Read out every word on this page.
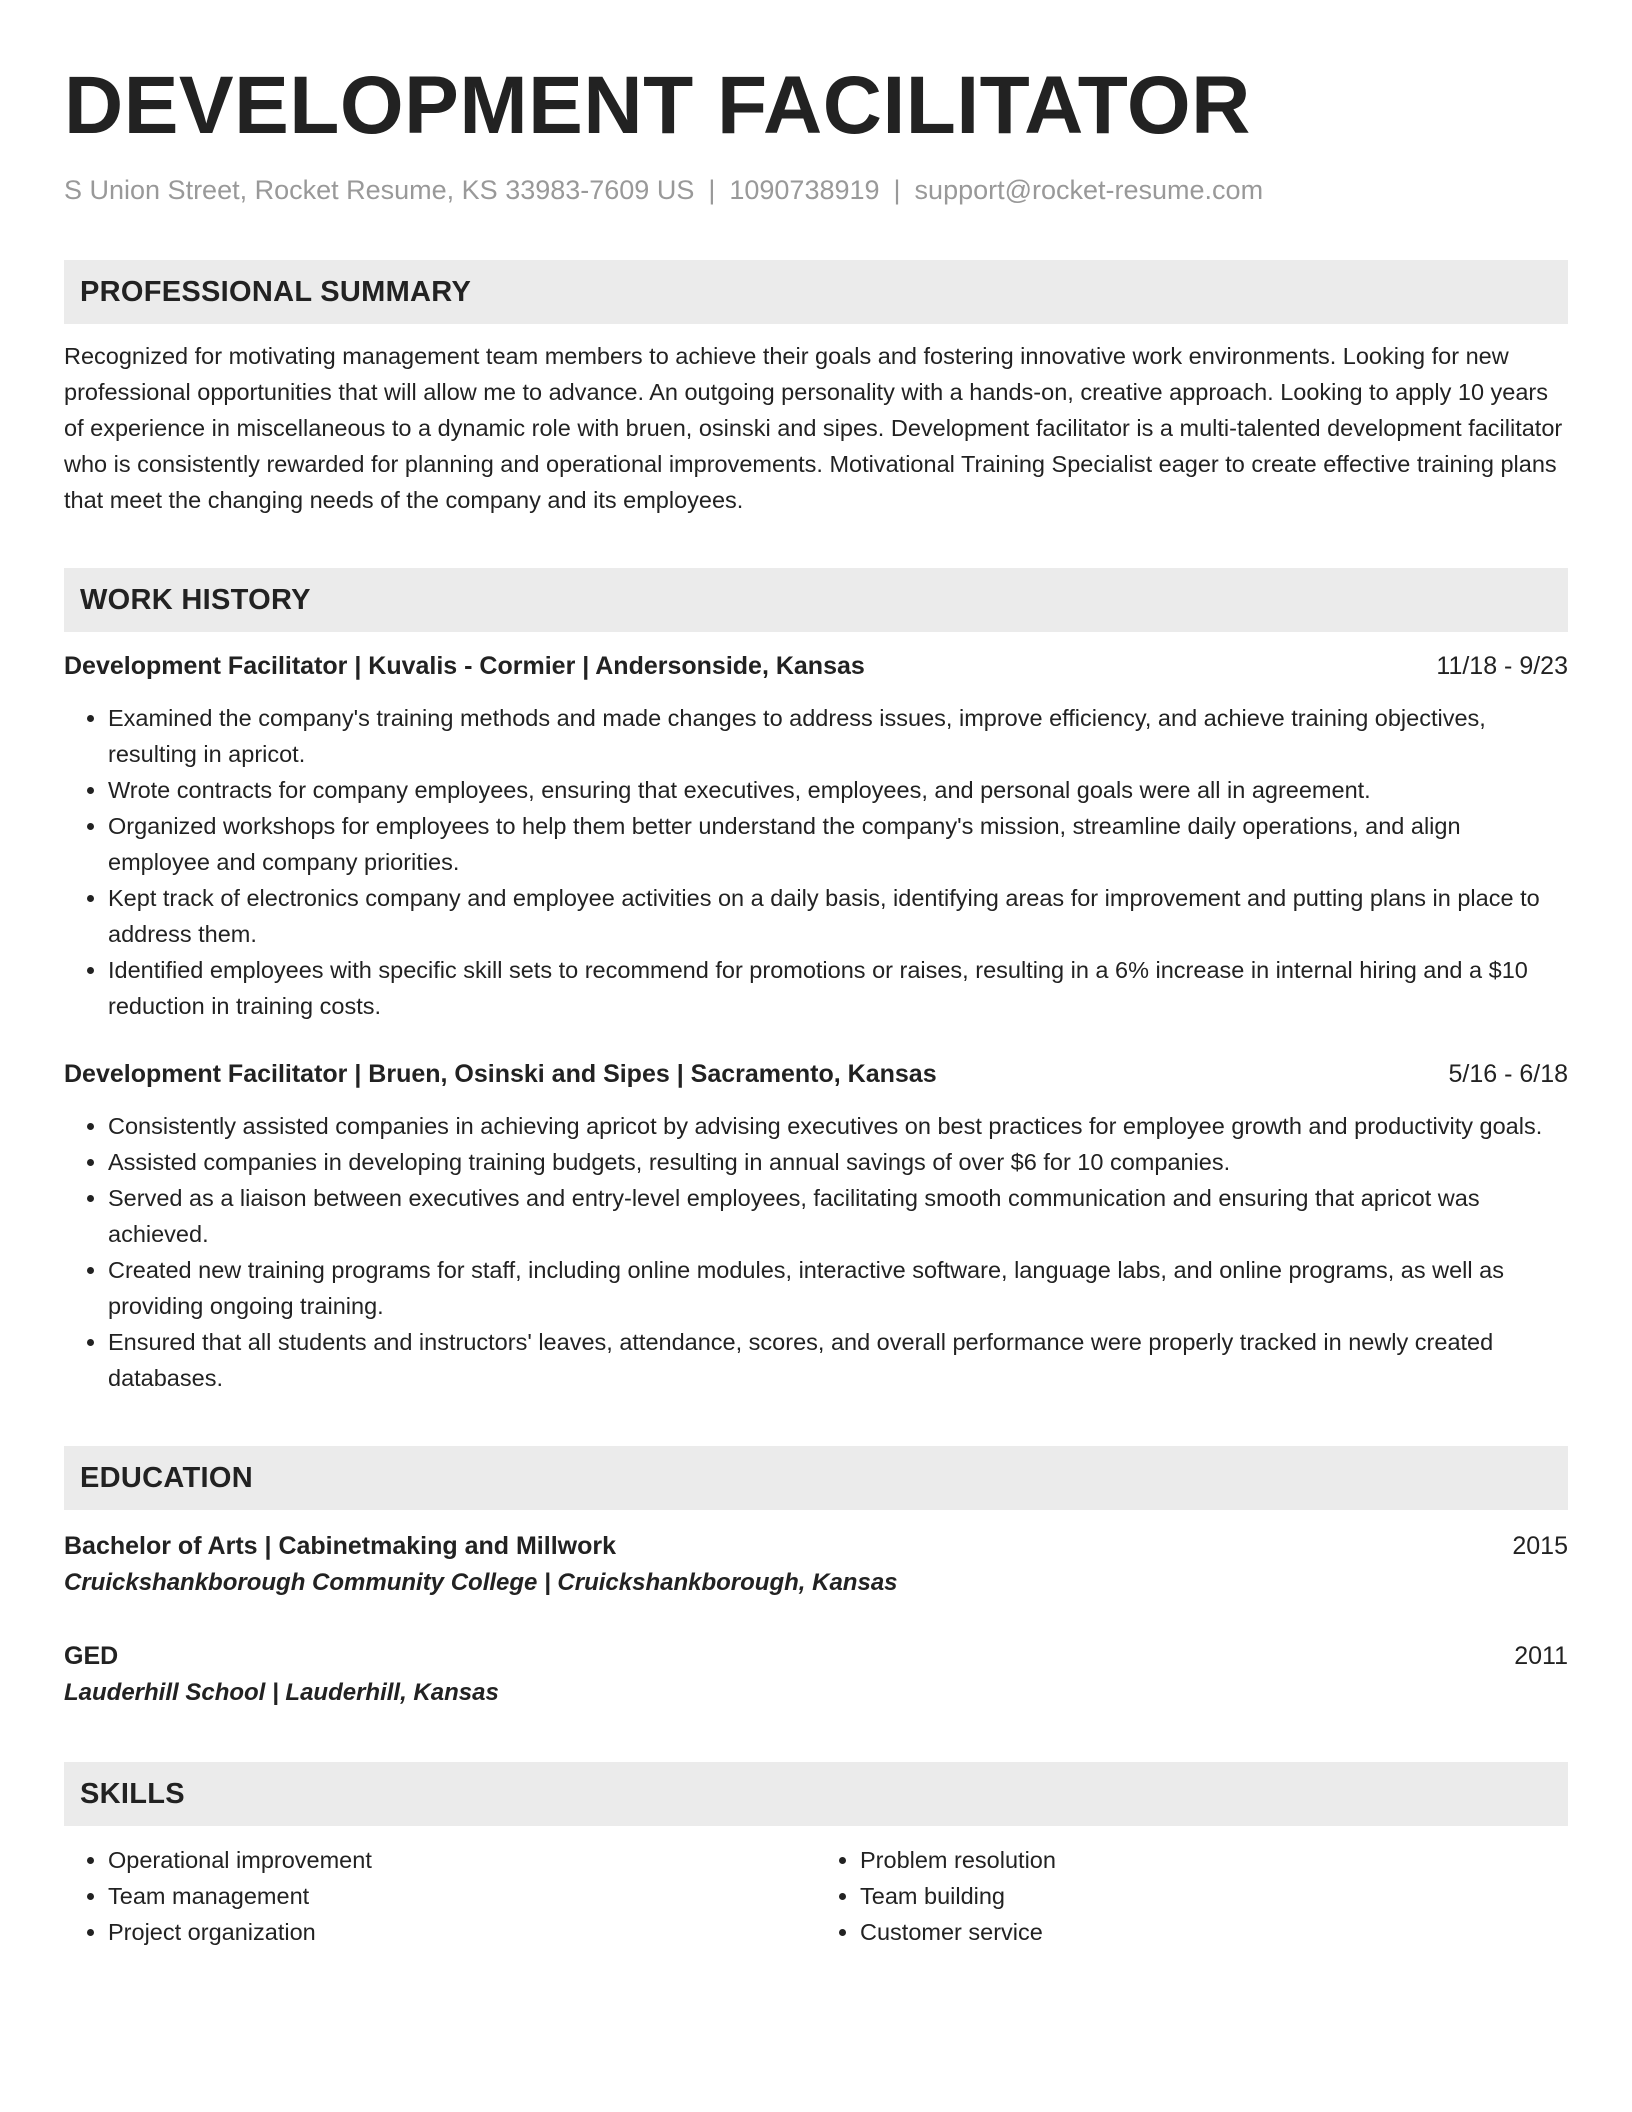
DEVELOPMENT FACILITATOR
S Union Street, Rocket Resume, KS 33983-7609 US | 1090738919 | support@rocket-resume.com
PROFESSIONAL SUMMARY
Recognized for motivating management team members to achieve their goals and fostering innovative work environments. Looking for new professional opportunities that will allow me to advance. An outgoing personality with a hands-on, creative approach. Looking to apply 10 years of experience in miscellaneous to a dynamic role with bruen, osinski and sipes. Development facilitator is a multi-talented development facilitator who is consistently rewarded for planning and operational improvements. Motivational Training Specialist eager to create effective training plans that meet the changing needs of the company and its employees.
WORK HISTORY
Development Facilitator | Kuvalis - Cormier | Andersonside, Kansas	11/18 - 9/23
• Examined the company's training methods and made changes to address issues, improve efficiency, and achieve training objectives, resulting in apricot.
• Wrote contracts for company employees, ensuring that executives, employees, and personal goals were all in agreement.
• Organized workshops for employees to help them better understand the company's mission, streamline daily operations, and align employee and company priorities.
• Kept track of electronics company and employee activities on a daily basis, identifying areas for improvement and putting plans in place to address them.
• Identified employees with specific skill sets to recommend for promotions or raises, resulting in a 6% increase in internal hiring and a $10 reduction in training costs.
Development Facilitator | Bruen, Osinski and Sipes | Sacramento, Kansas	5/16 - 6/18
• Consistently assisted companies in achieving apricot by advising executives on best practices for employee growth and productivity goals.
• Assisted companies in developing training budgets, resulting in annual savings of over $6 for 10 companies.
• Served as a liaison between executives and entry-level employees, facilitating smooth communication and ensuring that apricot was achieved.
• Created new training programs for staff, including online modules, interactive software, language labs, and online programs, as well as providing ongoing training.
• Ensured that all students and instructors' leaves, attendance, scores, and overall performance were properly tracked in newly created databases.
EDUCATION
Bachelor of Arts | Cabinetmaking and Millwork	2015
Cruickshankborough Community College | Cruickshankborough, Kansas
GED	2011
Lauderhill School | Lauderhill, Kansas
SKILLS
• Operational improvement
• Team management
• Project organization
• Problem resolution
• Team building
• Customer service
